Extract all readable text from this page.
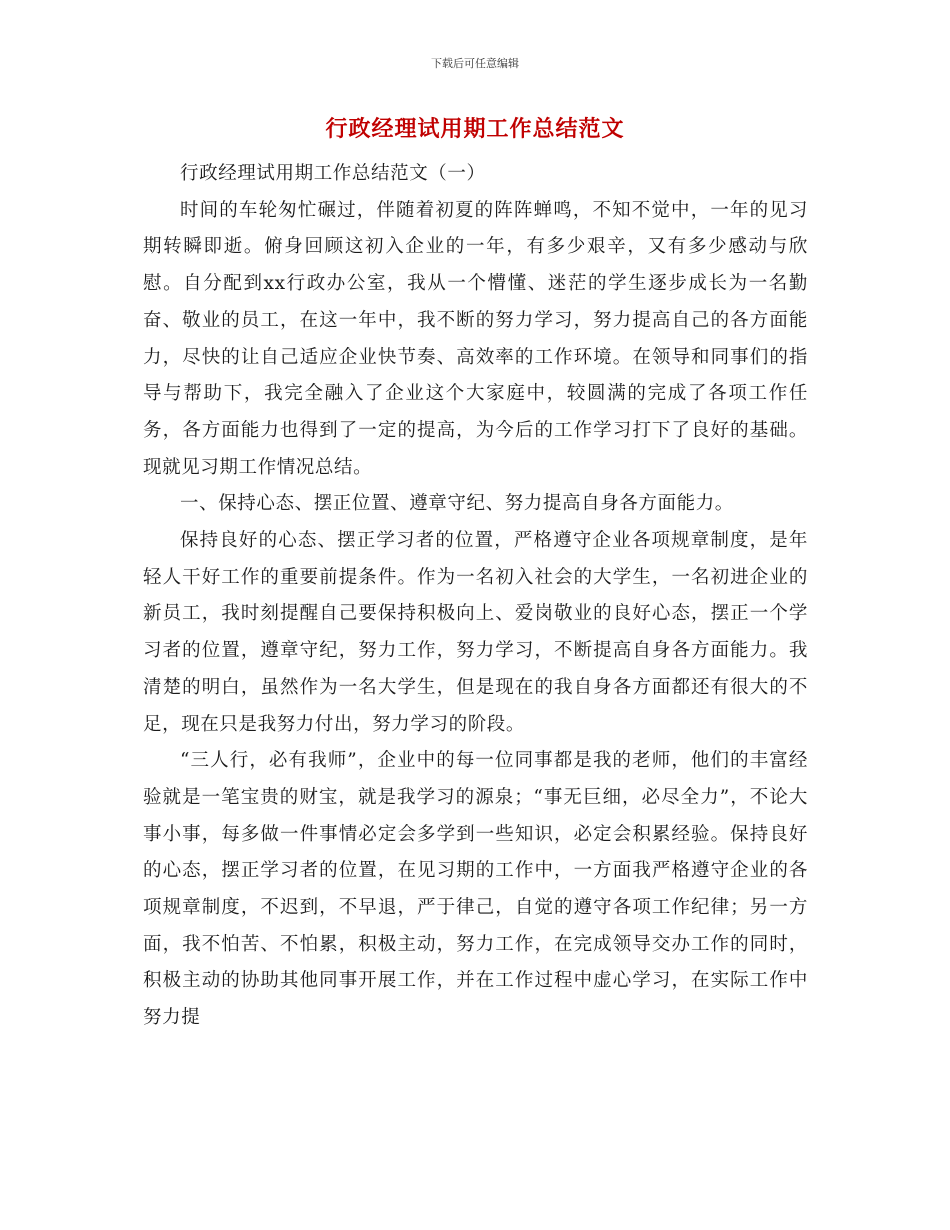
下载后可任意编辑
行政经理试用期工作总结范文

行政经理试用期工作总结范文（一）

时间的车轮匆忙碾过，伴随着初夏的阵阵蝉鸣，不知不觉中，一年的见习期转瞬即逝。俯身回顾这初入企业的一年，有多少艰辛，又有多少感动与欣慰。自分配到xx行政办公室，我从一个懵懂、迷茫的学生逐步成长为一名勤奋、敬业的员工，在这一年中，我不断的努力学习，努力提高自己的各方面能力，尽快的让自己适应企业快节奏、高效率的工作环境。在领导和同事们的指导与帮助下，我完全融入了企业这个大家庭中，较圆满的完成了各项工作任务，各方面能力也得到了一定的提高，为今后的工作学习打下了良好的基础。现就见习期工作情况总结。

一、保持心态、摆正位置、遵章守纪、努力提高自身各方面能力。

保持良好的心态、摆正学习者的位置，严格遵守企业各项规章制度，是年轻人干好工作的重要前提条件。作为一名初入社会的大学生，一名初进企业的新员工，我时刻提醒自己要保持积极向上、爱岗敬业的良好心态，摆正一个学习者的位置，遵章守纪，努力工作，努力学习，不断提高自身各方面能力。我清楚的明白，虽然作为一名大学生，但是现在的我自身各方面都还有很大的不足，现在只是我努力付出，努力学习的阶段。

“三人行，必有我师”，企业中的每一位同事都是我的老师，他们的丰富经验就是一笔宝贵的财宝，就是我学习的源泉；“事无巨细，必尽全力”，不论大事小事，每多做一件事情必定会多学到一些知识，必定会积累经验。保持良好的心态，摆正学习者的位置，在见习期的工作中，一方面我严格遵守企业的各项规章制度，不迟到，不早退，严于律己，自觉的遵守各项工作纪律；另一方面，我不怕苦、不怕累，积极主动，努力工作，在完成领导交办工作的同时，积极主动的协助其他同事开展工作，并在工作过程中虚心学习，在实际工作中努力提
